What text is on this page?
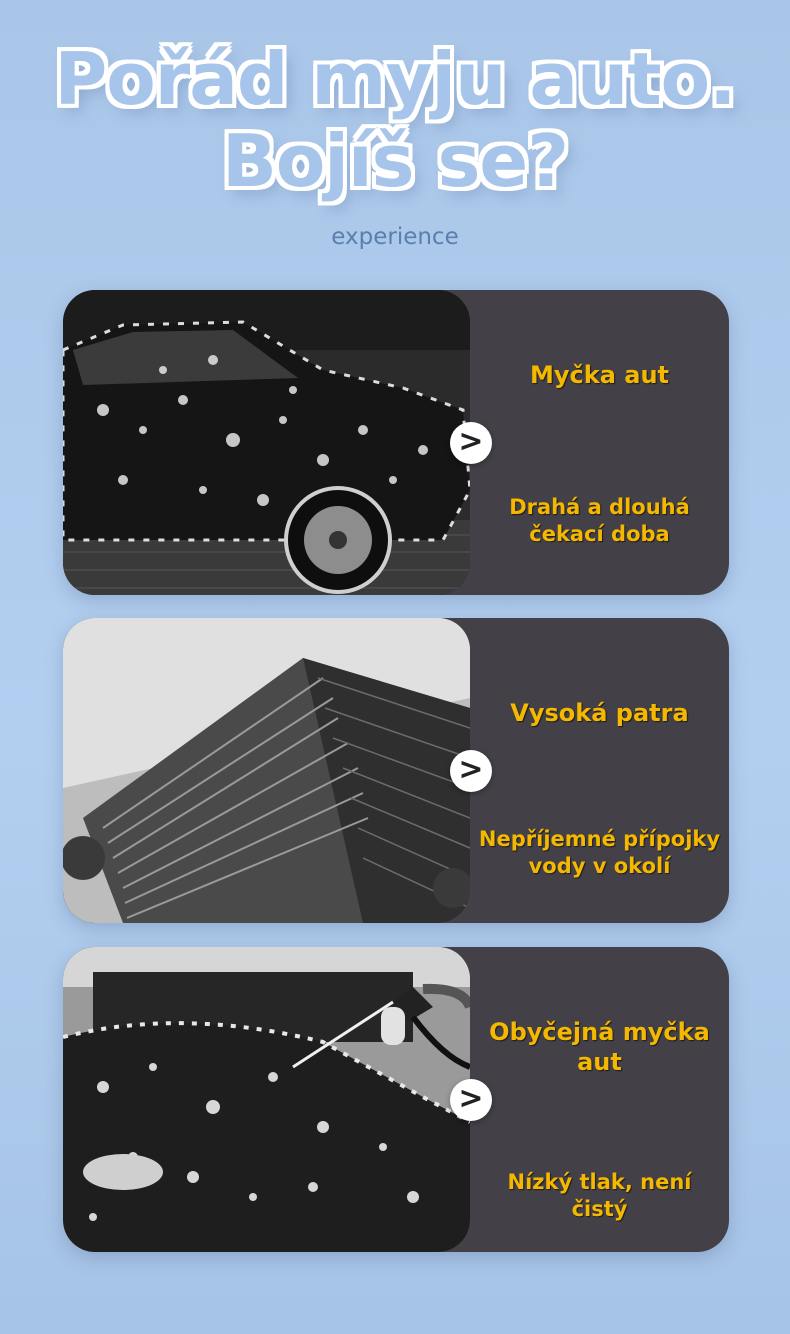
Pořád myju auto.
Bojíš se?
experience
>
Myčka aut
Drahá a dlouhá čekací doba
>
Vysoká patra
Nepříjemné přípojky vody v okolí
>
Obyčejná myčka aut
Nízký tlak, není čistý
